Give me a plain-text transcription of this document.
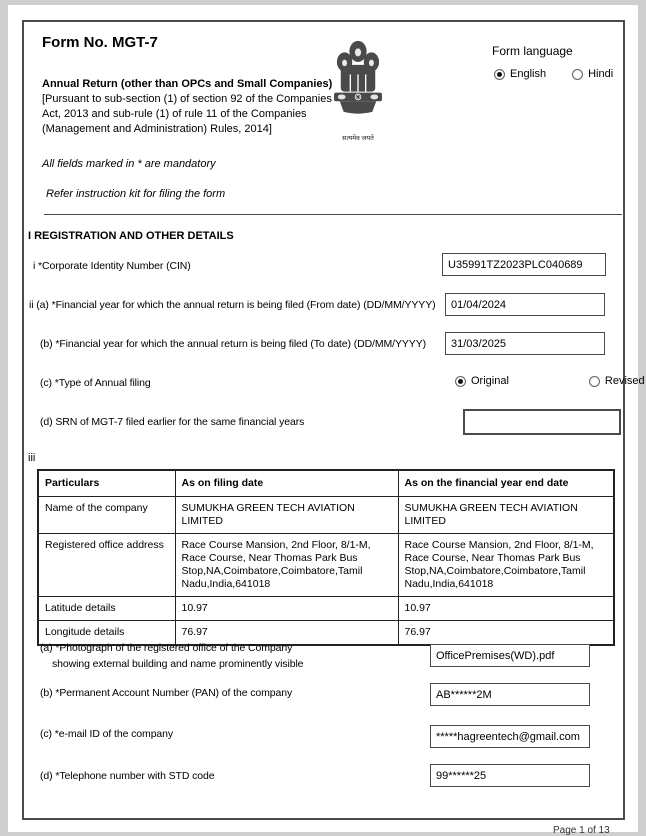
Form No. MGT-7	Form language
English	Hindi
सत्यमेव जयते
Annual Return (other than OPCs and Small Companies)
[Pursuant to sub-section (1) of section 92 of the Companies Act, 2013 and sub-rule (1) of rule 11 of the Companies (Management and Administration) Rules, 2014]
All fields marked in * are mandatory
Refer instruction kit for filing the form
I REGISTRATION AND OTHER DETAILS
i *Corporate Identity Number (CIN)
U35991TZ2023PLC040689
ii (a) *Financial year for which the annual return is being filed (From date) (DD/MM/YYYY)
01/04/2024
(b) *Financial year for which the annual return is being filed (To date) (DD/MM/YYYY)
31/03/2025
(c) *Type of Annual filing	Original	Revised
(d) SRN of MGT-7 filed earlier for the same financial years
iii
Particulars	As on filing date	As on the financial year end date
Name of the company	SUMUKHA GREEN TECH AVIATION LIMITED	SUMUKHA GREEN TECH AVIATION LIMITED
Registered office address	Race Course Mansion, 2nd Floor, 8/1-M, Race Course, Near Thomas Park Bus Stop,NA,Coimbatore,Coimbatore,Tamil Nadu,India,641018	Race Course Mansion, 2nd Floor, 8/1-M, Race Course, Near Thomas Park Bus Stop,NA,Coimbatore,Coimbatore,Tamil Nadu,India,641018
Latitude details	10.97	10.97
Longitude details	76.97	76.97
(a) *Photograph of the registered office of the Company
showing external building and name prominently visible
OfficePremises(WD).pdf
(b) *Permanent Account Number (PAN) of the company
AB******2M
(c) *e-mail ID of the company
*****hagreentech@gmail.com
(d) *Telephone number with STD code
99******25
Page 1 of 13
